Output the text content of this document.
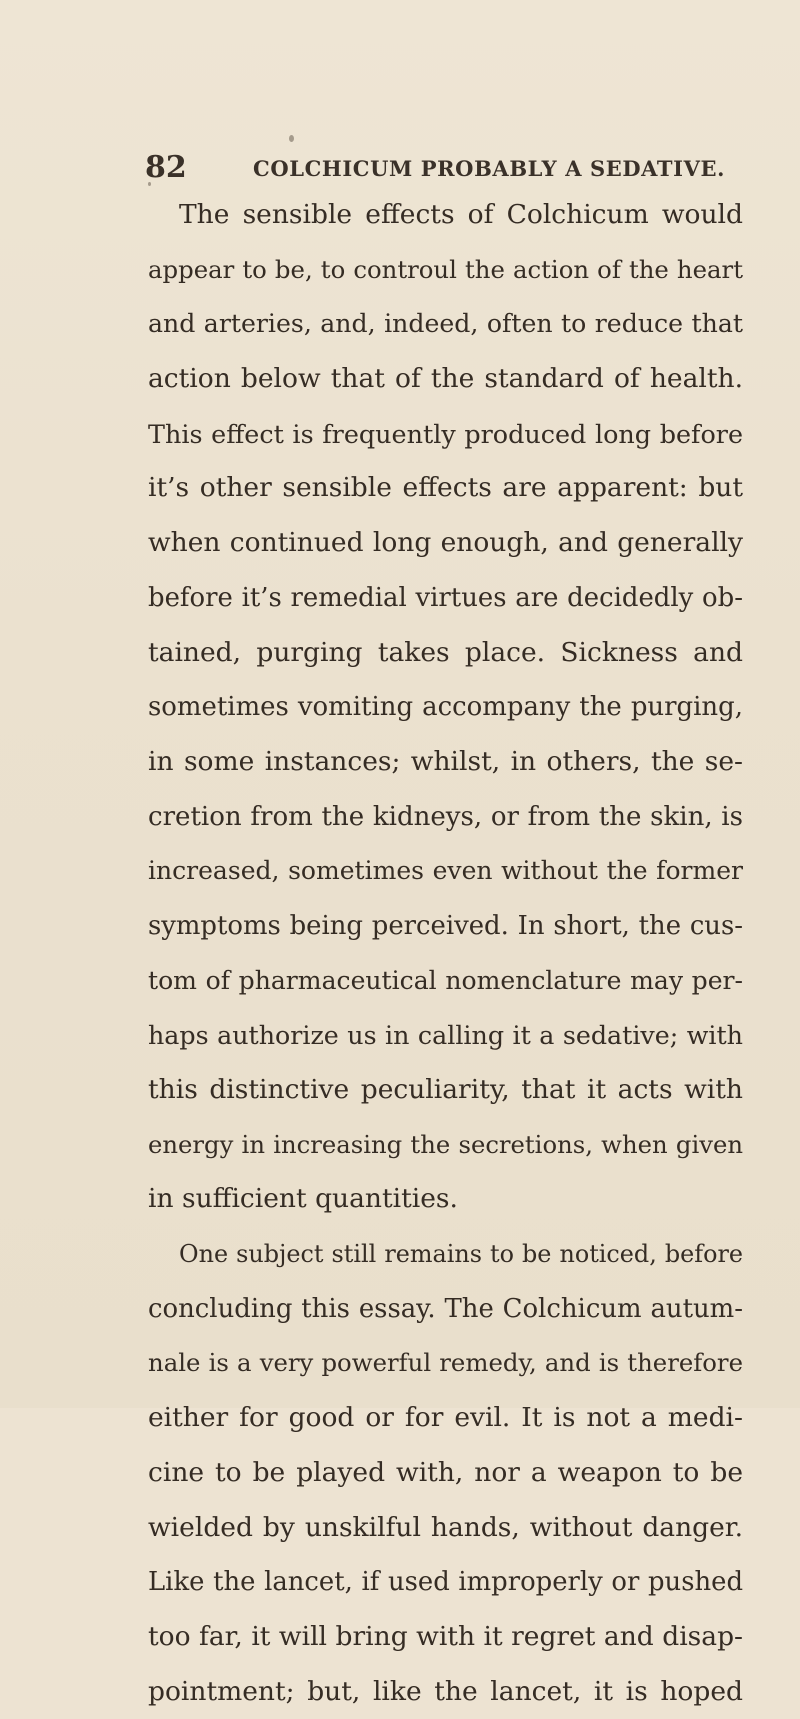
82	COLCHICUM PROBABLY A SEDATIVE.
The sensible effects of Colchicum would
appear to be, to controul the action of the heart
and arteries, and, indeed, often to reduce that
action below that of the standard of health.
This effect is frequently produced long before
it’s other sensible effects are apparent: but
when continued long enough, and generally
before it’s remedial virtues are decidedly ob-
tained, purging takes place. Sickness and
sometimes vomiting accompany the purging,
in some instances; whilst, in others, the se-
cretion from the kidneys, or from the skin, is
increased, sometimes even without the former
symptoms being perceived. In short, the cus-
tom of pharmaceutical nomenclature may per-
haps authorize us in calling it a sedative; with
this distinctive peculiarity, that it acts with
energy in increasing the secretions, when given
in sufficient quantities.
One subject still remains to be noticed, before
concluding this essay. The Colchicum autum-
nale is a very powerful remedy, and is therefore
either for good or for evil. It is not a medi-
cine to be played with, nor a weapon to be
wielded by unskilful hands, without danger.
Like the lancet, if used improperly or pushed
too far, it will bring with it regret and disap-
pointment; but, like the lancet, it is hoped
